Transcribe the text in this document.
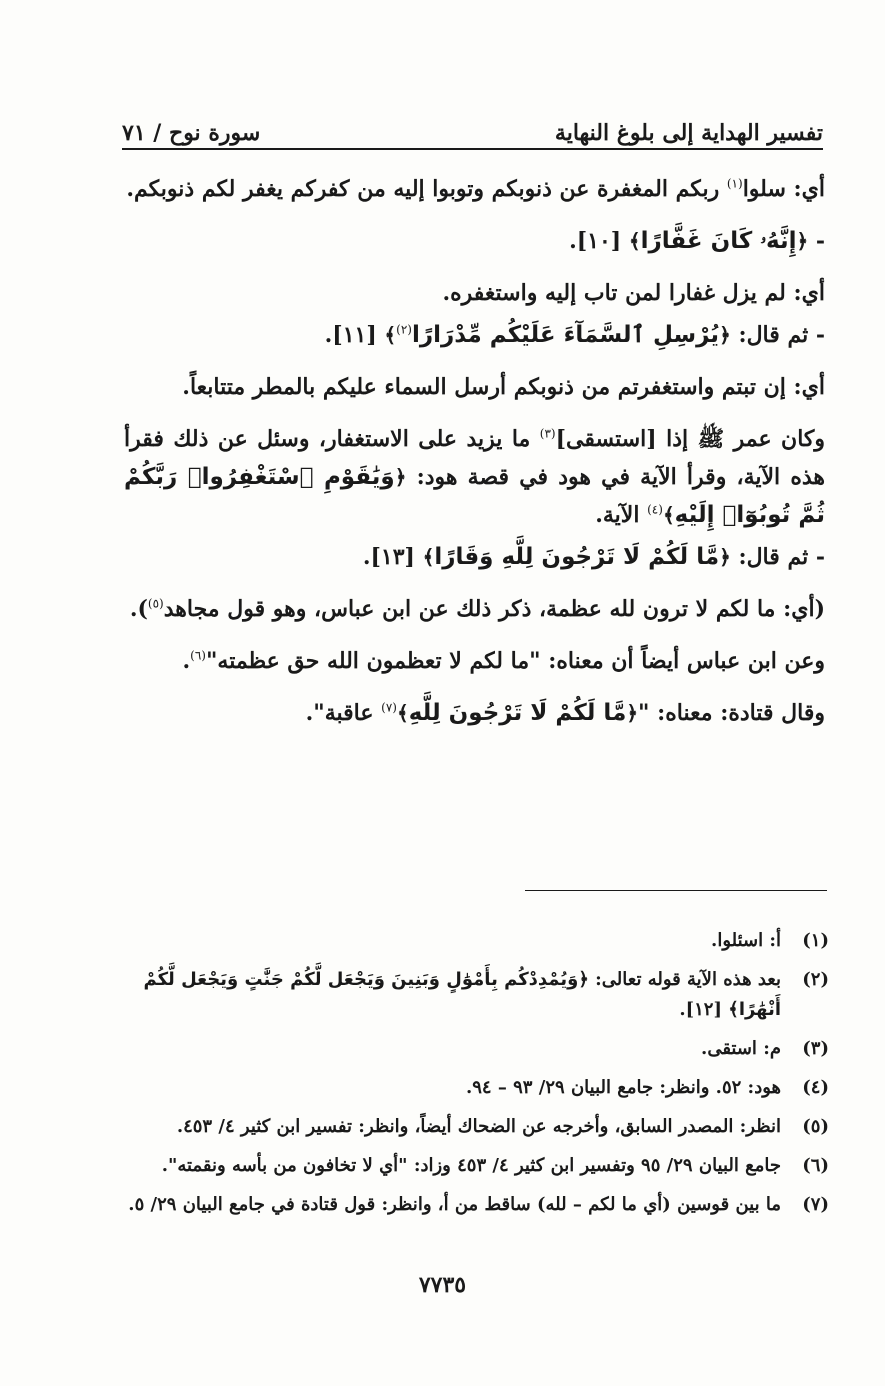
تفسير الهداية إلى بلوغ النهاية
سورة نوح / ٧١

أي: سلوا$^{(١)}$ ربكم المغفرة عن ذنوبكم وتوبوا إليه من كفركم يغفر لكم ذنوبكم.

- ﴿إِنَّهُۥ كَانَ غَفَّارًا﴾ [١٠].

أي: لم يزل غفارا لمن تاب إليه واستغفره.

- ثم قال: ﴿يُرْسِلِ ٱلسَّمَآءَ عَلَيْكُم مِّدْرَارًا$^{(٢)}$﴾ [١١].

أي: إن تبتم واستغفرتم من ذنوبكم أرسل السماء عليكم بالمطر متتابعاً.

وكان عمر ﷺ إذا [استسقى]$^{(٣)}$ ما يزيد على الاستغفار، وسئل عن ذلك فقرأ هذه الآية، وقرأ الآية في هود في قصة هود: ﴿وَيَٰقَوْمِ ٱسْتَغْفِرُوا۟ رَبَّكُمْ ثُمَّ تُوبُوٓا۟ إِلَيْهِ﴾$^{(٤)}$ الآية.

- ثم قال: ﴿مَّا لَكُمْ لَا تَرْجُونَ لِلَّهِ وَقَارًا﴾ [١٣].

(أي: ما لكم لا ترون لله عظمة، ذكر ذلك عن ابن عباس، وهو قول مجاهد$^{(٥)}$).

وعن ابن عباس أيضاً أن معناه: "ما لكم لا تعظمون الله حق عظمته"$^{(٦)}$.

وقال قتادة: معناه: "﴿مَّا لَكُمْ لَا تَرْجُونَ لِلَّهِ﴾$^{(٧)}$ عاقبة".

(١)
أ: اسئلوا.
(٢)
بعد هذه الآية قوله تعالى: ﴿وَيُمْدِدْكُم بِأَمْوَٰلٍ وَبَنِينَ وَيَجْعَل لَّكُمْ جَنَّٰتٍ وَيَجْعَل لَّكُمْ أَنْهَٰرًا﴾ [١٢].
(٣)
م: استقى.
(٤)
هود: ٥٢. وانظر: جامع البيان ٢٩/ ٩٣ – ٩٤.
(٥)
انظر: المصدر السابق، وأخرجه عن الضحاك أيضاً، وانظر: تفسير ابن كثير ٤/ ٤٥٣.
(٦)
جامع البيان ٢٩/ ٩٥ وتفسير ابن كثير ٤/ ٤٥٣ وزاد: "أي لا تخافون من بأسه ونقمته".
(٧)
ما بين قوسين (أي ما لكم – لله) ساقط من أ، وانظر: قول قتادة في جامع البيان ٢٩/ ٥.
٧٧٣٥
